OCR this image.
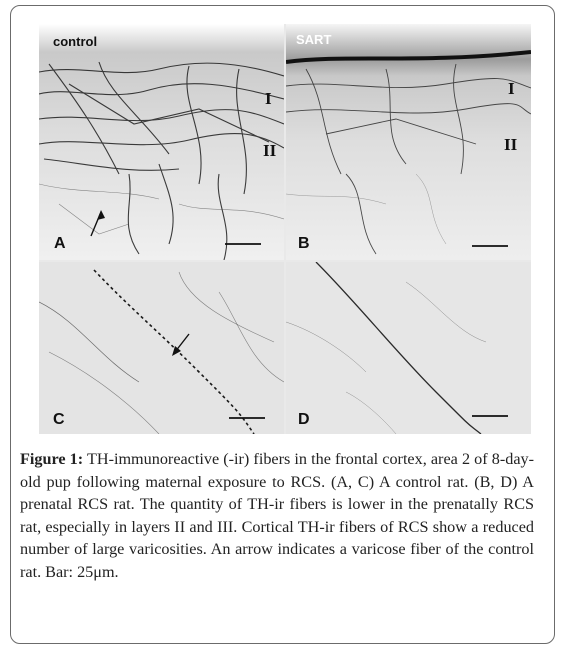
control
I
II
A
SART
I
II
B
C	D
Figure 1: TH-immunoreactive (-ir) fibers in the frontal cortex, area 2 of 8-day-old pup following maternal exposure to RCS. (A, C) A control rat. (B, D) A prenatal RCS rat. The quantity of TH-ir fibers is lower in the prenatally RCS rat, especially in layers II and III. Cortical TH-ir fibers of RCS show a reduced number of large varicosities. An arrow indicates a varicose fiber of the control rat. Bar: 25μm.
